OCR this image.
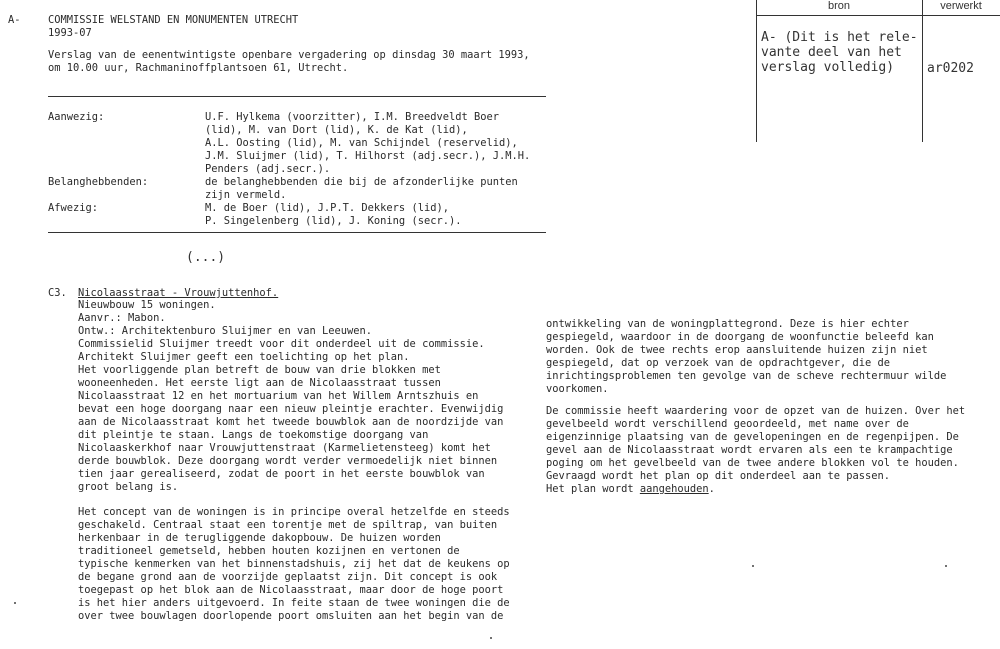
A-	COMMISSIE WELSTAND EN MONUMENTEN UTRECHT
1993-07
Verslag van de eenentwintigste openbare vergadering op dinsdag 30 maart 1993,
om 10.00 uur, Rachmaninoffplantsoen 61, Utrecht.
bron	verwerkt
A- (Dit is het rele-
vante deel van het
verslag volledig)	ar0202
Aanwezig:	U.F. Hylkema (voorzitter), I.M. Breedveldt Boer
(lid), M. van Dort (lid), K. de Kat (lid),
A.L. Oosting (lid), M. van Schijndel (reservelid),
J.M. Sluijmer (lid), T. Hilhorst (adj.secr.), J.M.H.
Penders (adj.secr.).
Belanghebbenden:	de belanghebbenden die bij de afzonderlijke punten
zijn vermeld.
Afwezig:	M. de Boer (lid), J.P.T. Dekkers (lid),
P. Singelenberg (lid), J. Koning (secr.).
(...)
C3. Nicolaasstraat - Vrouwjuttenhof.
Nieuwbouw 15 woningen.
Aanvr.: Mabon.
Ontw.: Architektenburo Sluijmer en van Leeuwen.
Commissielid Sluijmer treedt voor dit onderdeel uit de commissie.
Architekt Sluijmer geeft een toelichting op het plan.
Het voorliggende plan betreft de bouw van drie blokken met
wooneenheden. Het eerste ligt aan de Nicolaasstraat tussen
Nicolaasstraat 12 en het mortuarium van het Willem Arntszhuis en
bevat een hoge doorgang naar een nieuw pleintje erachter. Evenwijdig
aan de Nicolaasstraat komt het tweede bouwblok aan de noordzijde van
dit pleintje te staan. Langs de toekomstige doorgang van
Nicolaaskerkhof naar Vrouwjuttenstraat (Karmelietensteeg) komt het
derde bouwblok. Deze doorgang wordt verder vermoedelijk niet binnen
tien jaar gerealiseerd, zodat de poort in het eerste bouwblok van
groot belang is.
Het concept van de woningen is in principe overal hetzelfde en steeds
geschakeld. Centraal staat een torentje met de spiltrap, van buiten
herkenbaar in de terugliggende dakopbouw. De huizen worden
traditioneel gemetseld, hebben houten kozijnen en vertonen de
typische kenmerken van het binnenstadshuis, zij het dat de keukens op
de begane grond aan de voorzijde geplaatst zijn. Dit concept is ook
toegepast op het blok aan de Nicolaasstraat, maar door de hoge poort
is het hier anders uitgevoerd. In feite staan de twee woningen die de
over twee bouwlagen doorlopende poort omsluiten aan het begin van de
ontwikkeling van de woningplattegrond. Deze is hier echter
gespiegeld, waardoor in de doorgang de woonfunctie beleefd kan
worden. Ook de twee rechts erop aansluitende huizen zijn niet
gespiegeld, dat op verzoek van de opdrachtgever, die de
inrichtingsproblemen ten gevolge van de scheve rechtermuur wilde
voorkomen.
De commissie heeft waardering voor de opzet van de huizen. Over het
gevelbeeld wordt verschillend geoordeeld, met name over de
eigenzinnige plaatsing van de gevelopeningen en de regenpijpen. De
gevel aan de Nicolaasstraat wordt ervaren als een te krampachtige
poging om het gevelbeeld van de twee andere blokken vol te houden.
Gevraagd wordt het plan op dit onderdeel aan te passen.
Het plan wordt aangehouden.
